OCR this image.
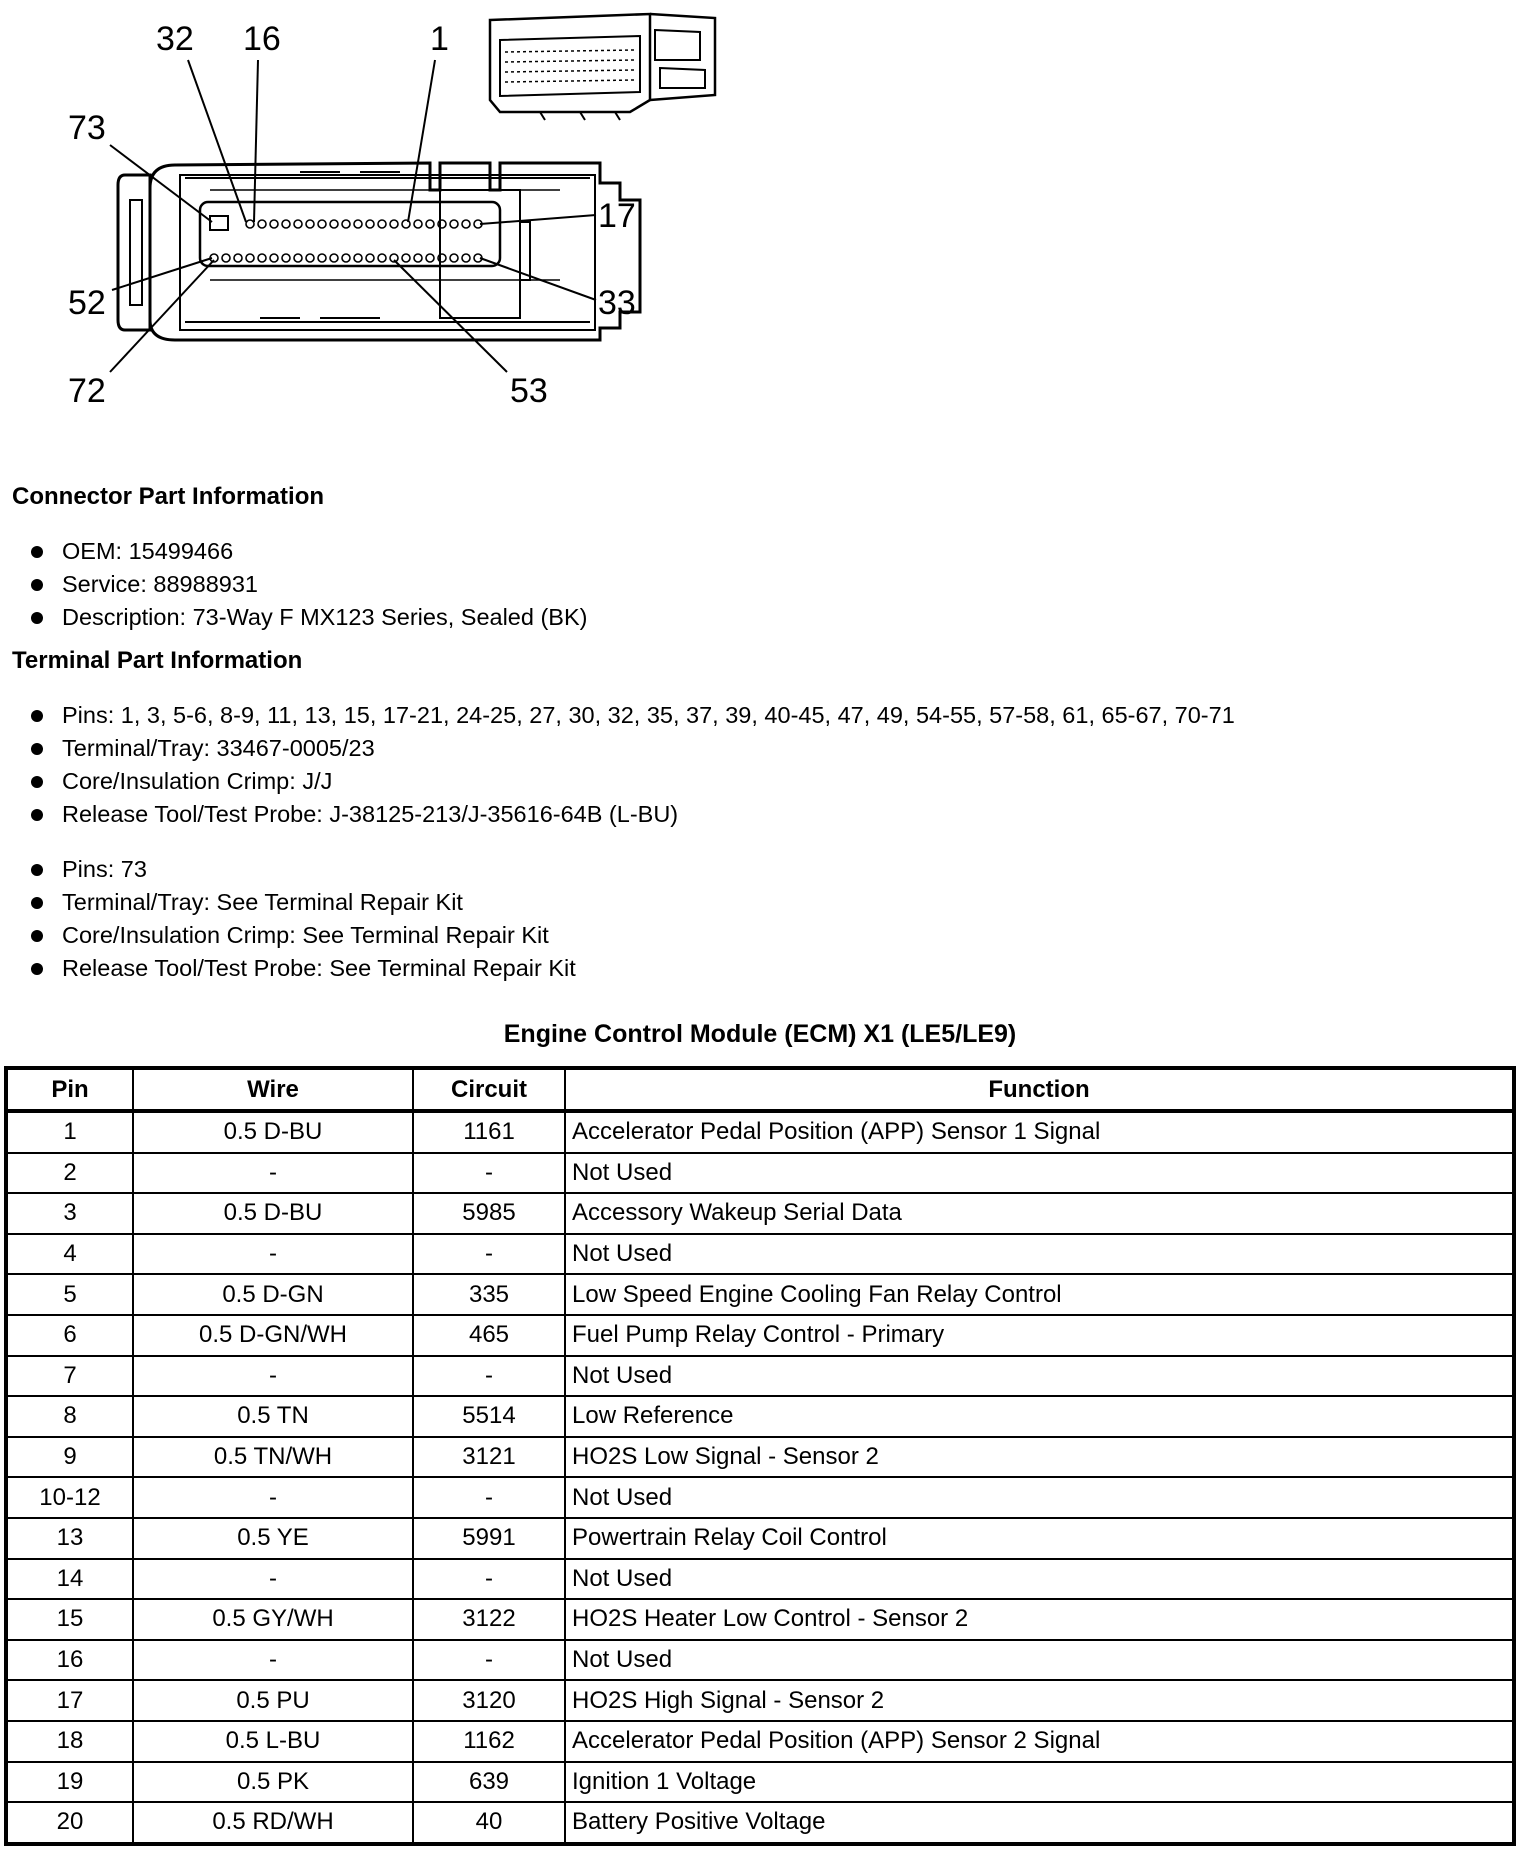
32 16	1
73
17
52	33
72	53
Connector Part Information
OEM: 15499466
Service: 88988931
Description: 73-Way F MX123 Series, Sealed (BK)
Terminal Part Information
Pins: 1, 3, 5-6, 8-9, 11, 13, 15, 17-21, 24-25, 27, 30, 32, 35, 37, 39, 40-45, 47, 49, 54-55, 57-58, 61, 65-67, 70-71
Terminal/Tray: 33467-0005/23
Core/Insulation Crimp: J/J
Release Tool/Test Probe: J-38125-213/J-35616-64B (L-BU)
Pins: 73
Terminal/Tray: See Terminal Repair Kit
Core/Insulation Crimp: See Terminal Repair Kit
Release Tool/Test Probe: See Terminal Repair Kit
Engine Control Module (ECM) X1 (LE5/LE9)
Pin	Wire	Circuit	Function
1	0.5 D-BU	1161	Accelerator Pedal Position (APP) Sensor 1 Signal
2	-	-	Not Used
3	0.5 D-BU	5985	Accessory Wakeup Serial Data
4	-	-	Not Used
5	0.5 D-GN	335	Low Speed Engine Cooling Fan Relay Control
6	0.5 D-GN/WH	465	Fuel Pump Relay Control - Primary
7	-	-	Not Used
8	0.5 TN	5514	Low Reference
9	0.5 TN/WH	3121	HO2S Low Signal - Sensor 2
10-12	-	-	Not Used
13	0.5 YE	5991	Powertrain Relay Coil Control
14	-	-	Not Used
15	0.5 GY/WH	3122	HO2S Heater Low Control - Sensor 2
16	-	-	Not Used
17	0.5 PU	3120	HO2S High Signal - Sensor 2
18	0.5 L-BU	1162	Accelerator Pedal Position (APP) Sensor 2 Signal
19	0.5 PK	639	Ignition 1 Voltage
20	0.5 RD/WH	40	Battery Positive Voltage
